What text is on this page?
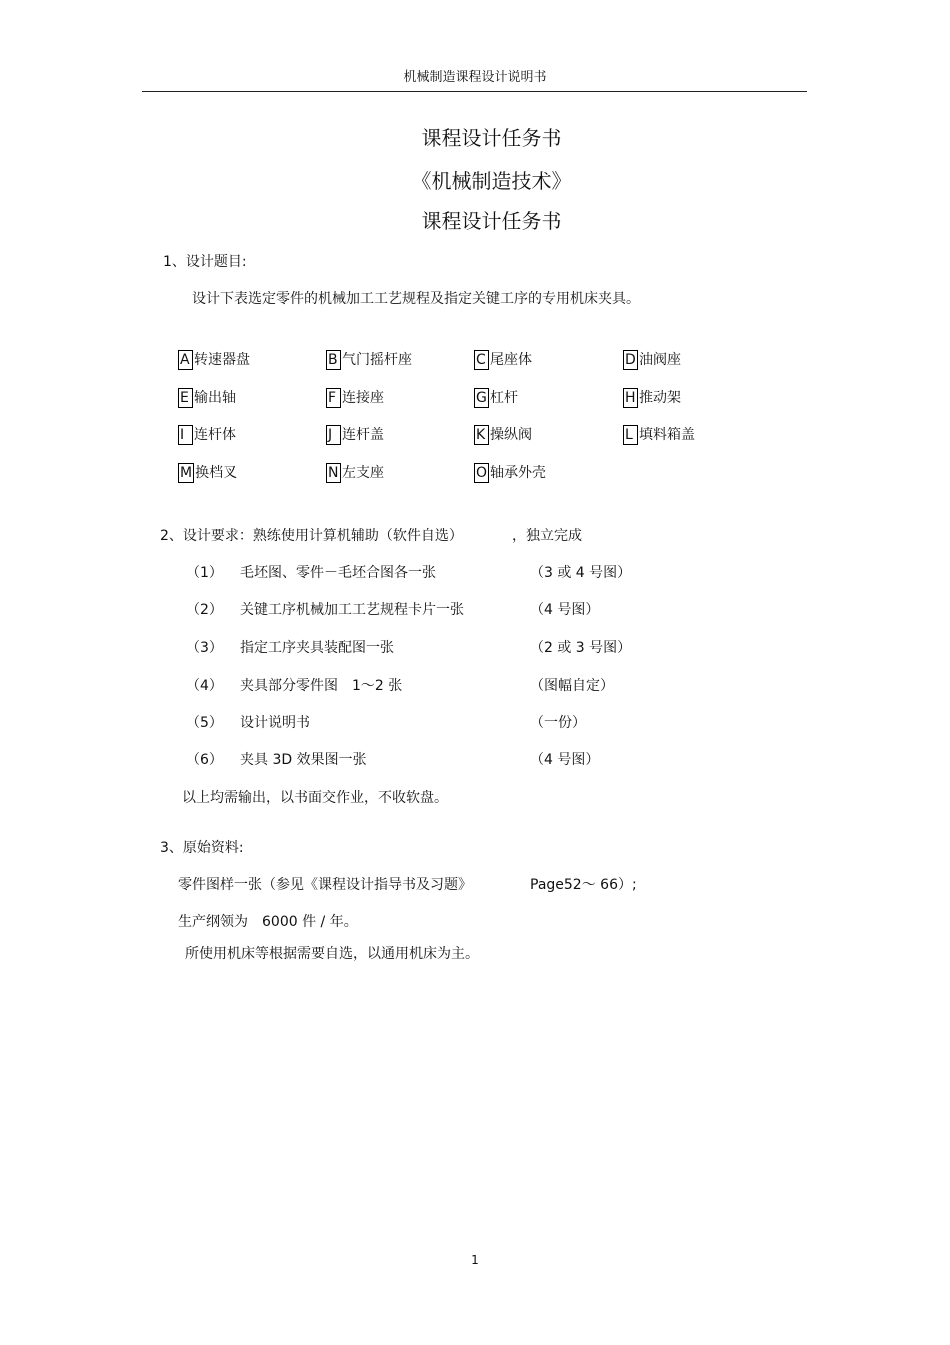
机械制造课程设计说明书
课程设计任务书
《机械制造技术》
课程设计任务书
1、设计题目:
设计下表选定零件的机械加工工艺规程及指定关键工序的专用机床夹具。
A 转速器盘	B 气门摇杆座	C 尾座体	D 油阀座
E 输出轴	F 连接座	G 杠杆	H 推动架
I 连杆体	J 连杆盖	K 操纵阀	L 填料箱盖
M 换档叉	N 左支座	O 轴承外壳
2、设计要求：熟练使用计算机辅助（软件自选）	，独立完成
（1） 毛坯图、零件－毛坯合图各一张	（3 或 4 号图）
（2） 关键工序机械加工工艺规程卡片一张	（4 号图）
（3） 指定工序夹具装配图一张	（2 或 3 号图）
（4） 夹具部分零件图　1～2 张	（图幅自定）
（5） 设计说明书	（一份）
（6） 夹具 3D 效果图一张	（4 号图）
以上均需输出，以书面交作业，不收软盘。
3、原始资料:
零件图样一张（参见《课程设计指导书及习题》	Page52～ 66）;
生产纲领为　6000 件 / 年。
所使用机床等根据需要自选，以通用机床为主。
1
